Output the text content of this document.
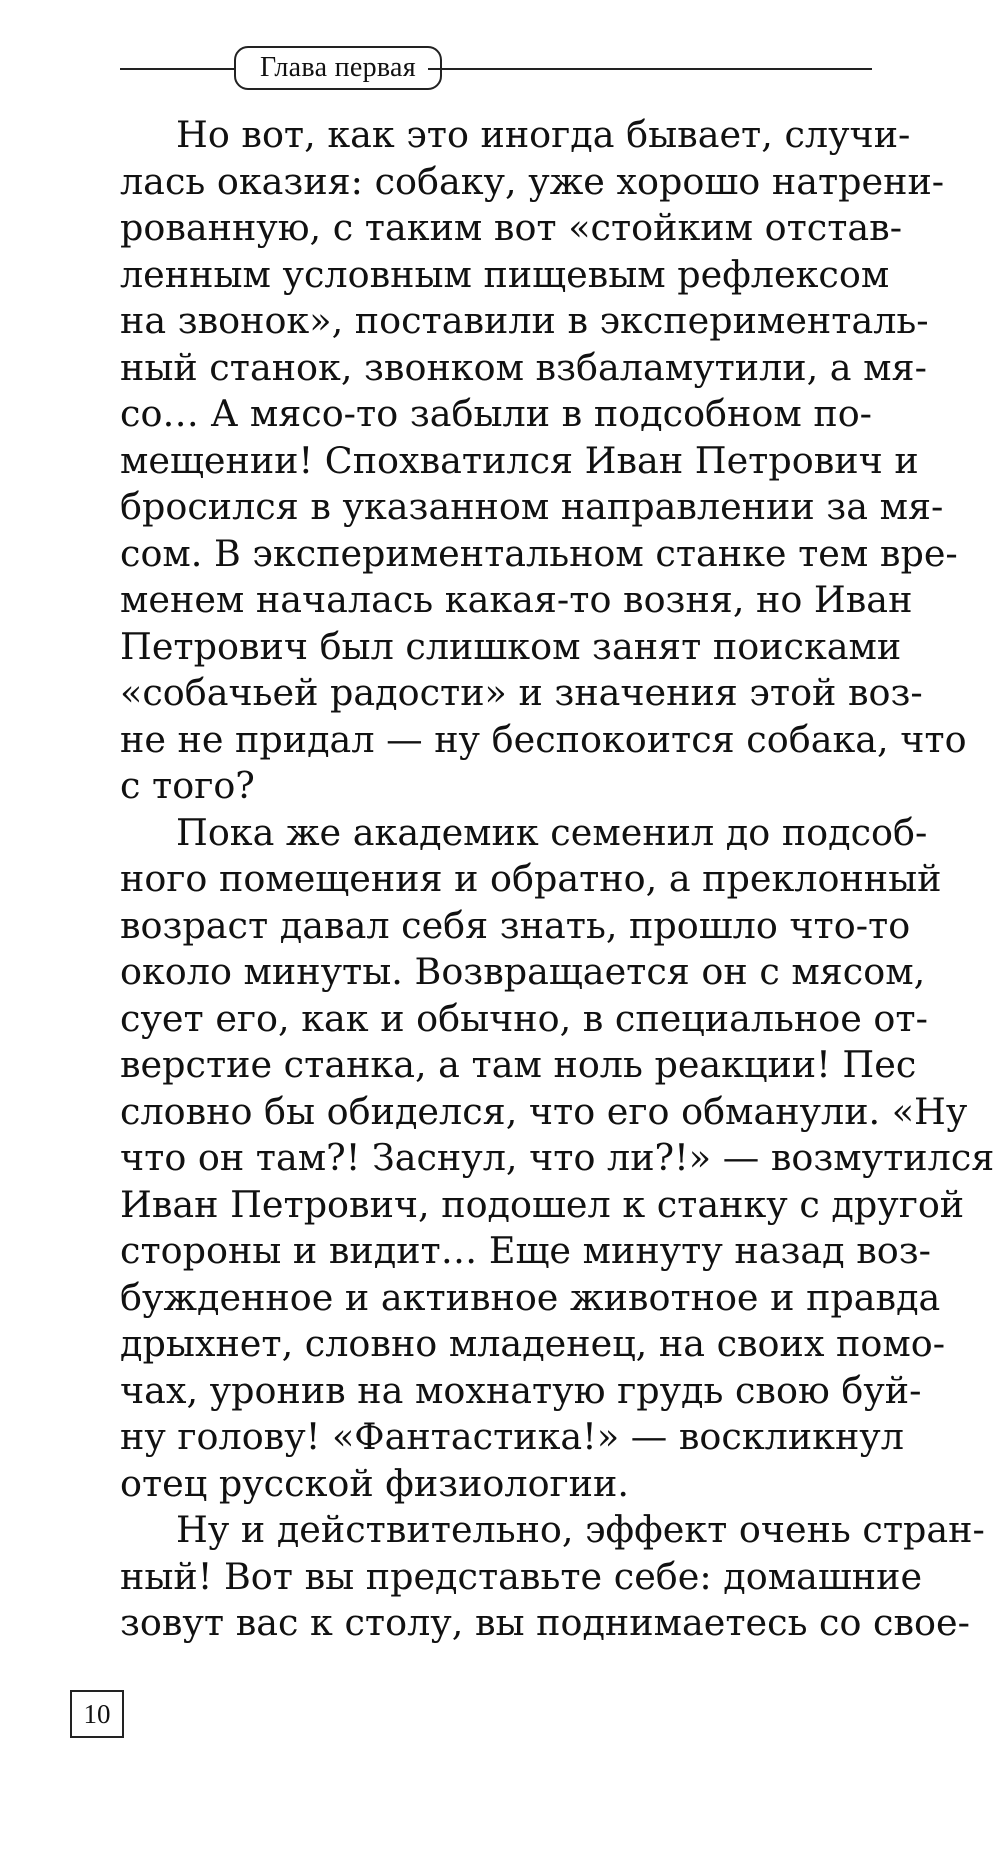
Глава первая
Но вот, как это иногда бывает, случи-
лась оказия: собаку, уже хорошо натрени-
рованную, с таким вот «стойким отстав-
ленным условным пищевым рефлексом
на звонок», поставили в эксперименталь-
ный станок, звонком взбаламутили, а мя-
со… А мясо-то забыли в подсобном по-
мещении! Спохватился Иван Петрович и
бросился в указанном направлении за мя-
сом. В экспериментальном станке тем вре-
менем началась какая-то возня, но Иван
Петрович был слишком занят поисками
«собачьей радости» и значения этой воз-
не не придал — ну беспокоится собака, что
с того?
Пока же академик семенил до подсоб-
ного помещения и обратно, а преклонный
возраст давал себя знать, прошло что-то
около минуты. Возвращается он с мясом,
сует его, как и обычно, в специальное от-
верстие станка, а там ноль реакции! Пес
словно бы обиделся, что его обманули. «Ну
что он там?! Заснул, что ли?!» — возмутился
Иван Петрович, подошел к станку с другой
стороны и видит… Еще минуту назад воз-
бужденное и активное животное и правда
дрыхнет, словно младенец, на своих помо-
чах, уронив на мохнатую грудь свою буй-
ну голову! «Фантастика!» — воскликнул
отец русской физиологии.
Ну и действительно, эффект очень стран-
ный! Вот вы представьте себе: домашние
зовут вас к столу, вы поднимаетесь со свое-
10
